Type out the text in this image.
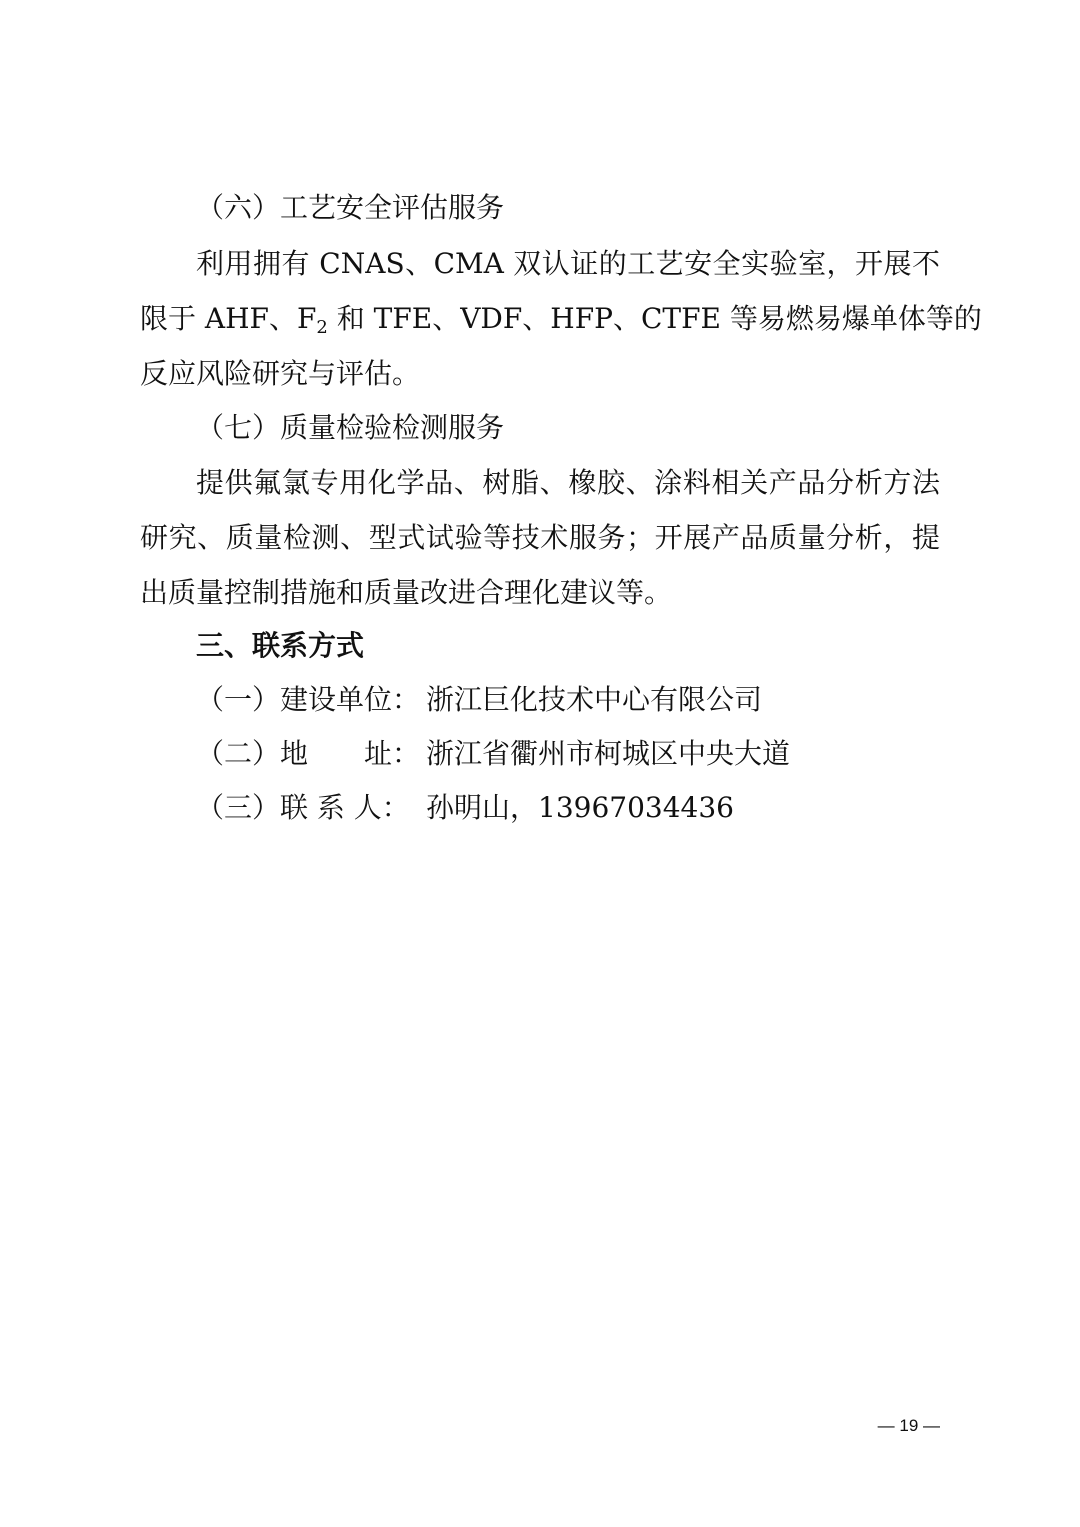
（六）工艺安全评估服务
利用拥有 CNAS、CMA 双认证的工艺安全实验室，开展不
限于 AHF、$F_2$ 和 TFE、VDF、HFP、CTFE 等易燃易爆单体等的
反应风险研究与评估。
（七）质量检验检测服务
提供氟氯专用化学品、树脂、橡胶、涂料相关产品分析方法
研究、质量检测、型式试验等技术服务；开展产品质量分析，提
出质量控制措施和质量改进合理化建议等。
三、联系方式
（一）建设单位： 浙江巨化技术中心有限公司
（二）地　　址： 浙江省衢州市柯城区中央大道
（三）联 系 人： 孙明山，13967034436
— 19 —
